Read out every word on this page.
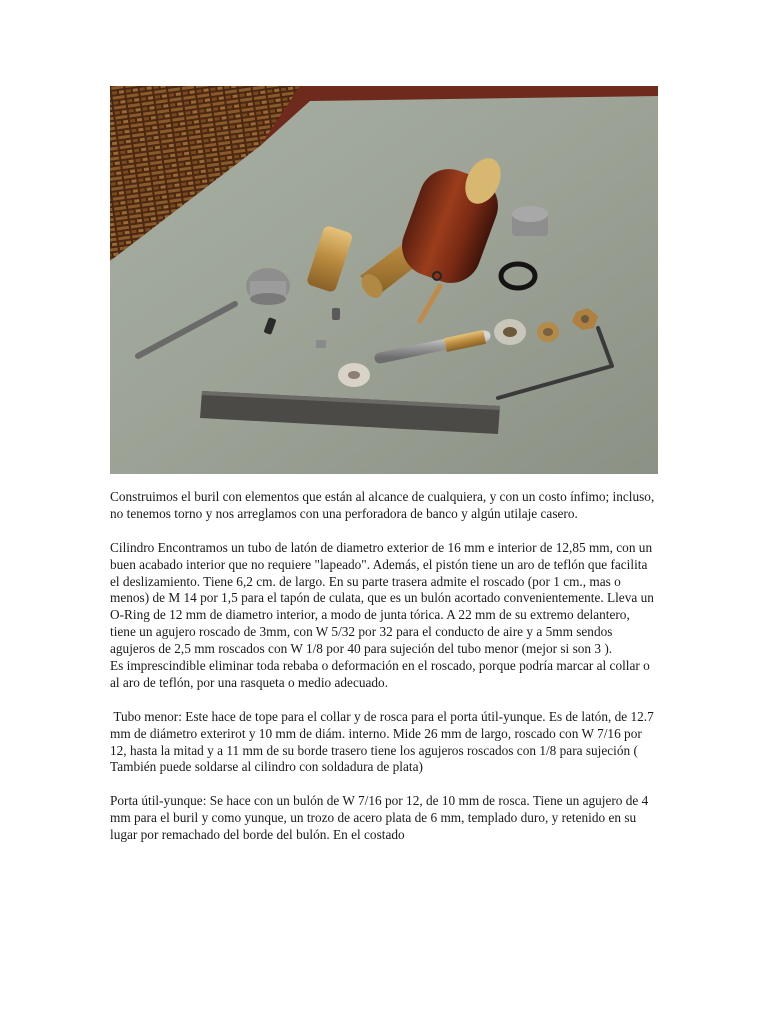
Construimos el buril con elementos que están al alcance de cualquiera, y con un costo ínfimo; incluso, no tenemos torno y nos arreglamos con una perforadora de banco y algún utilaje casero.

Cilindro Encontramos un tubo de latón de diametro exterior de 16 mm e interior de 12,85 mm, con un buen acabado interior que no requiere "lapeado". Además, el pistón tiene un aro de teflón que facilita el deslizamiento. Tiene 6,2 cm. de largo. En su parte trasera admite el roscado (por 1 cm., mas o menos) de M 14 por 1,5 para el tapón de culata, que es un bulón acortado convenientemente. Lleva un O-Ring de 12 mm de diametro interior, a modo de junta tórica. A 22 mm de su extremo delantero, tiene un agujero roscado de 3mm, con W 5/32 por 32 para el conducto de aire y a 5mm sendos agujeros de 2,5 mm roscados con W 1/8 por 40 para sujeción del tubo menor (mejor si son 3 ).

Es imprescindible eliminar toda rebaba o deformación en el roscado, porque podría marcar al collar o al aro de teflón, por una rasqueta o medio adecuado.

Tubo menor: Este hace de tope para el collar y de rosca para el porta útil-yunque. Es de latón, de 12.7 mm de diámetro exterirot y 10 mm de diám. interno. Mide 26 mm de largo, roscado con W 7/16 por 12, hasta la mitad y a 11 mm de su borde trasero tiene los agujeros roscados con 1/8 para sujeción ( También puede soldarse al cilindro con soldadura de plata)

Porta útil-yunque: Se hace con un bulón de W 7/16 por 12, de 10 mm de rosca. Tiene un agujero de 4 mm para el buril y como yunque, un trozo de acero plata de 6 mm, templado duro, y retenido en su lugar por remachado del borde del bulón. En el costado
